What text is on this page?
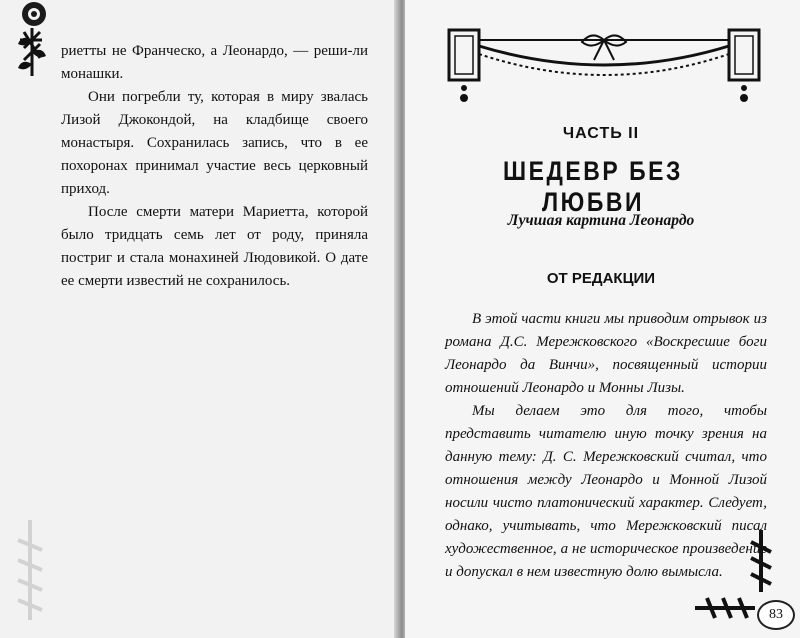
риетты не Франческо, а Леонардо, — реши-ли монашки.

Они погребли ту, которая в миру звалась Лизой Джокондой, на кладбище своего монастыря. Сохранилась запись, что в ее похоронах принимал участие весь церковный приход.

После смерти матери Мариетта, которой было тридцать семь лет от роду, приняла постриг и стала монахиней Людовикой. О дате ее смерти известий не сохранилось.

ЧАСТЬ II
ШЕДЕВР БЕЗ ЛЮБВИ
Лучшая картина Леонардо
ОТ РЕДАКЦИИ

В этой части книги мы приводим отрывок из романа Д.С. Мережковского «Воскресшие боги Леонардо да Винчи», посвященный истории отношений Леонардо и Монны Лизы.

Мы делаем это для того, чтобы представить читателю иную точку зрения на данную тему: Д. С. Мережковский считал, что отношения между Леонардо и Монной Лизой носили чисто платонический характер. Следует, однако, учитывать, что Мережковский писал художественное, а не историческое произведение и допускал в нем известную долю вымысла.

83
